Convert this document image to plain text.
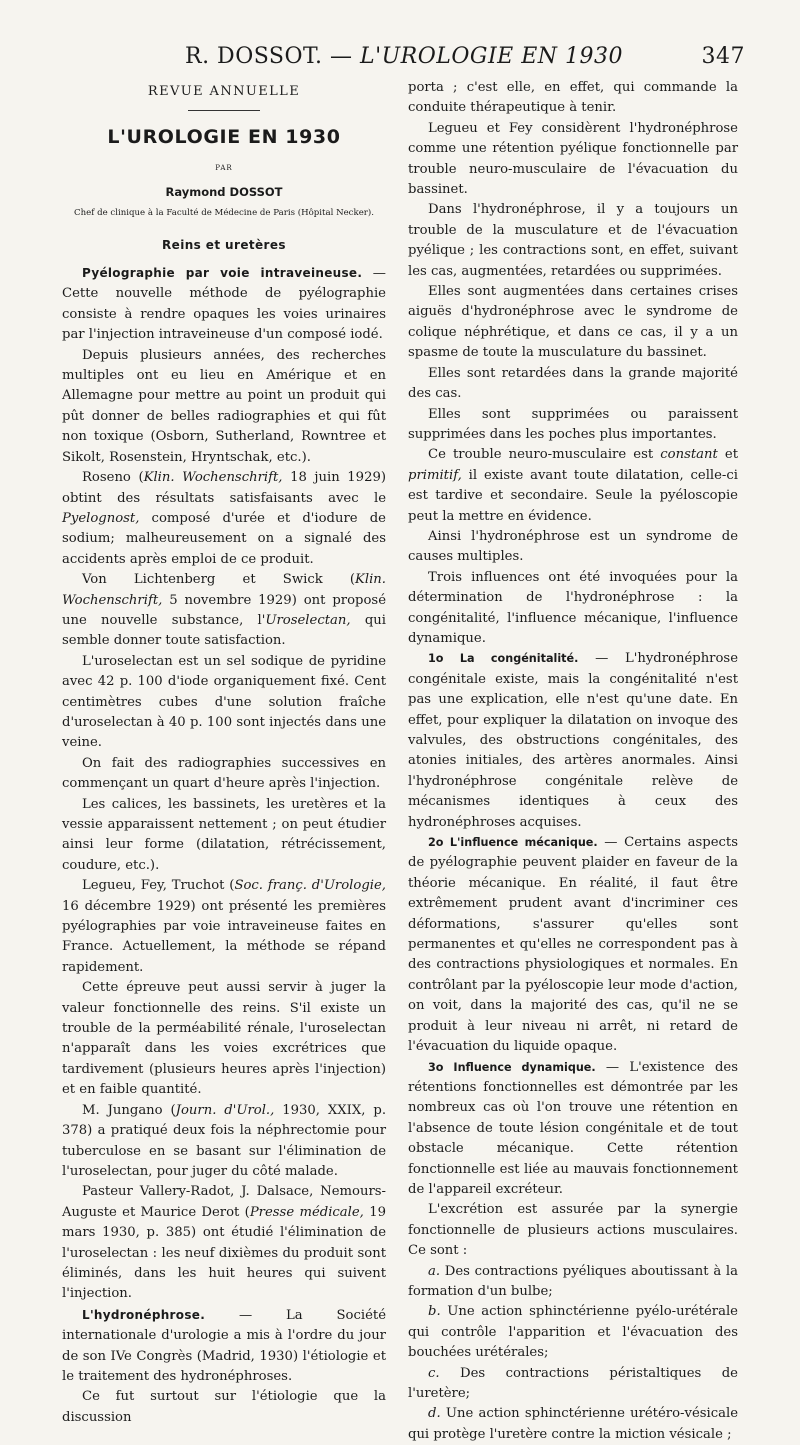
R. DOSSOT. — L'UROLOGIE EN 1930	347
REVUE ANNUELLE
L'UROLOGIE EN 1930
PAR
Raymond DOSSOT
Chef de clinique à la Faculté de Médecine de Paris (Hôpital Necker).
Reins et uretères

Pyélographie par voie intraveineuse. — Cette nouvelle méthode de pyélographie consiste à rendre opaques les voies urinaires par l'injection intraveineuse d'un composé iodé.

Depuis plusieurs années, des recherches multiples ont eu lieu en Amérique et en Allemagne pour mettre au point un produit qui pût donner de belles radiographies et qui fût non toxique (Osborn, Sutherland, Rowntree et Sikolt, Rosenstein, Hryntschak, etc.).

Roseno (Klin. Wochenschrift, 18 juin 1929) obtint des résultats satisfaisants avec le Pyelognost, composé d'urée et d'iodure de sodium; malheureusement on a signalé des accidents après emploi de ce produit.

Von Lichtenberg et Swick (Klin. Wochenschrift, 5 novembre 1929) ont proposé une nouvelle substance, l'Uroselectan, qui semble donner toute satisfaction.

L'uroselectan est un sel sodique de pyridine avec 42 p. 100 d'iode organiquement fixé. Cent centimètres cubes d'une solution fraîche d'uroselectan à 40 p. 100 sont injectés dans une veine.

On fait des radiographies successives en commençant un quart d'heure après l'injection.

Les calices, les bassinets, les uretères et la vessie apparaissent nettement ; on peut étudier ainsi leur forme (dilatation, rétrécissement, coudure, etc.).

Legueu, Fey, Truchot (Soc. franç. d'Urologie, 16 décembre 1929) ont présenté les premières pyélographies par voie intraveineuse faites en France. Actuellement, la méthode se répand rapidement.

Cette épreuve peut aussi servir à juger la valeur fonctionnelle des reins. S'il existe un trouble de la perméabilité rénale, l'uroselectan n'apparaît dans les voies excrétrices que tardivement (plusieurs heures après l'injection) et en faible quantité.

M. Jungano (Journ. d'Urol., 1930, XXIX, p. 378) a pratiqué deux fois la néphrectomie pour tuberculose en se basant sur l'élimination de l'uroselectan, pour juger du côté malade.

Pasteur Vallery-Radot, J. Dalsace, Nemours-Auguste et Maurice Derot (Presse médicale, 19 mars 1930, p. 385) ont étudié l'élimination de l'uroselectan : les neuf dixièmes du produit sont éliminés, dans les huit heures qui suivent l'injection.

L'hydronéphrose. — La Société internationale d'urologie a mis à l'ordre du jour de son IVe Congrès (Madrid, 1930) l'étiologie et le traitement des hydronéphroses.

Ce fut surtout sur l'étiologie que la discussion

porta ; c'est elle, en effet, qui commande la conduite thérapeutique à tenir.

Legueu et Fey considèrent l'hydronéphrose comme une rétention pyélique fonctionnelle par trouble neuro-musculaire de l'évacuation du bassinet.

Dans l'hydronéphrose, il y a toujours un trouble de la musculature et de l'évacuation pyélique ; les contractions sont, en effet, suivant les cas, augmentées, retardées ou supprimées.

Elles sont augmentées dans certaines crises aiguës d'hydronéphrose avec le syndrome de colique néphrétique, et dans ce cas, il y a un spasme de toute la musculature du bassinet.

Elles sont retardées dans la grande majorité des cas.

Elles sont supprimées ou paraissent supprimées dans les poches plus importantes.

Ce trouble neuro-musculaire est constant et primitif, il existe avant toute dilatation, celle-ci est tardive et secondaire. Seule la pyéloscopie peut la mettre en évidence.

Ainsi l'hydronéphrose est un syndrome de causes multiples.

Trois influences ont été invoquées pour la détermination de l'hydronéphrose : la congénitalité, l'influence mécanique, l'influence dynamique.

1o La congénitalité. — L'hydronéphrose congénitale existe, mais la congénitalité n'est pas une explication, elle n'est qu'une date. En effet, pour expliquer la dilatation on invoque des valvules, des obstructions congénitales, des atonies initiales, des artères anormales. Ainsi l'hydronéphrose congénitale relève de mécanismes identiques à ceux des hydronéphroses acquises.

2o L'influence mécanique. — Certains aspects de pyélographie peuvent plaider en faveur de la théorie mécanique. En réalité, il faut être extrêmement prudent avant d'incriminer ces déformations, s'assurer qu'elles sont permanentes et qu'elles ne correspondent pas à des contractions physiologiques et normales. En contrôlant par la pyéloscopie leur mode d'action, on voit, dans la majorité des cas, qu'il ne se produit à leur niveau ni arrêt, ni retard de l'évacuation du liquide opaque.

3o Influence dynamique. — L'existence des rétentions fonctionnelles est démontrée par les nombreux cas où l'on trouve une rétention en l'absence de toute lésion congénitale et de tout obstacle mécanique. Cette rétention fonctionnelle est liée au mauvais fonctionnement de l'appareil excréteur.

L'excrétion est assurée par la synergie fonctionnelle de plusieurs actions musculaires. Ce sont :

a. Des contractions pyéliques aboutissant à la formation d'un bulbe;

b. Une action sphinctérienne pyélo-urétérale qui contrôle l'apparition et l'évacuation des bouchées urétérales;

c. Des contractions péristaltiques de l'uretère;

d. Une action sphinctérienne urétéro-vésicale qui protège l'uretère contre la miction vésicale ;
